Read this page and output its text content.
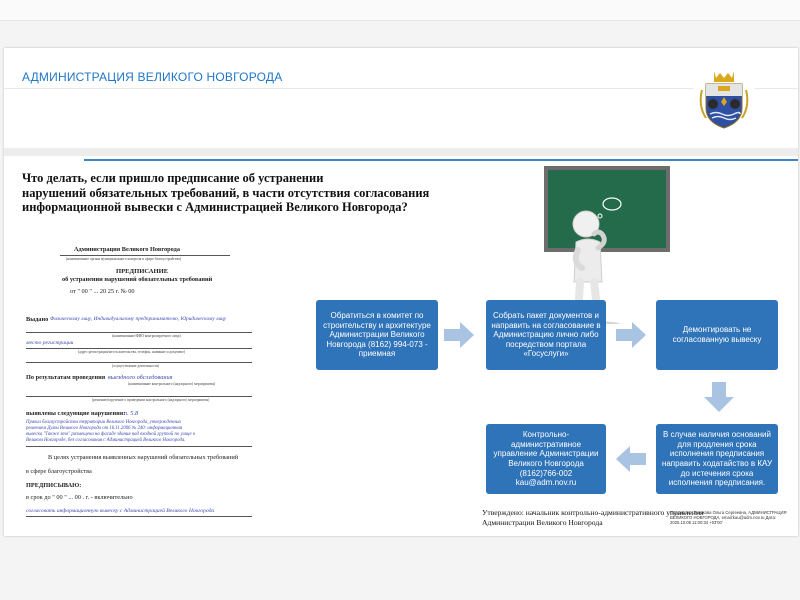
АДМИНИСТРАЦИЯ ВЕЛИКОГО НОВГОРОДА
Что делать, если пришло предписание об устранении
нарушений обязательных требований, в части отсутствия согласования
информационной вывески с Администрацией Великого Новгорода?
Администрация Великого Новгорода
(наименование органа муниципального контроля в сфере благоустройства)
ПРЕДПИСАНИЕ
об устранении нарушений обязательных требований
от " 00 " ... 20 25 г. № 00
Выдано Физическому лицу, Индивидуальному предпринимателю, Юридическому лицу
(наименование/ФИО контролируемого лица)
место регистрации
(адрес регистрации/места жительства, телефон, название и документ)
(осуществление деятельности)
По результатам проведения выездного обследования
(наименование контрольного (надзорного) мероприятия)
(решение/поручение о проведении контрольного (надзорного) мероприятия)
выявлены следующие нарушения:
п. 5.8
Правил благоустройства территории Великого Новгорода, утвержденных
решением Думы Великого Новгорода от 16.11.2006 № 240: информационная
вывеска "Также это" размещена на фасаде здания над входной группой по улице в
Великом Новгороде, без согласования с Администрацией Великого Новгорода.
В целях устранения выявленных нарушений обязательных требований
в сфере благоустройства
ПРЕДПИСЫВАЮ:
в срок до " 00 " ... 00 . г. - включительно
согласовать информационную вывеску с Администрацией Великого Новгорода
Обратиться в комитет по строительству и архитектуре Администрации Великого Новгорода (8162) 994-073 - приемная
Собрать пакет документов и направить на согласование в Администрацию лично либо посредством портала «Госуслуги»
Демонтировать не согласованную вывеску
В случае наличия оснований для продления срока исполнения предписания направить ходатайство в КАУ до истечения срока исполнения предписания.
Контрольно-административное управление Администрации Великого Новгорода (8162)766-002 kau@adm.nov.ru
Утверждено: начальник контрольно-административного управления
Администрации Великого Новгорода
Подписано: Голикова Ольга Сергеевна, АДМИНИСТРАЦИЯ ВЕЛИКОГО НОВГОРОДА, email:kau@adm.nov.ru Дата: 2025.10.08 11:00:34 +03'00'
